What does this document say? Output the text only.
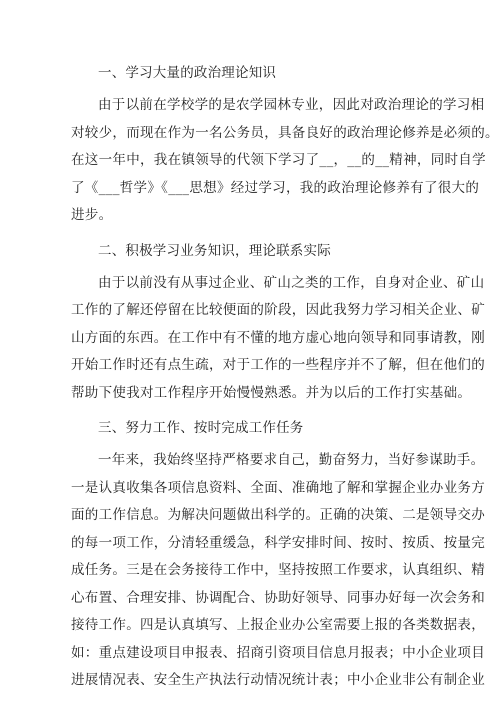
一、学习大量的政治理论知识

由于以前在学校学的是农学园林专业，因此对政治理论的学习相
对较少，而现在作为一名公务员，具备良好的政治理论修养是必须的。
在这一年中，我在镇领导的代领下学习了__，__的__精神，同时自学
了《___哲学》《___思想》经过学习，我的政治理论修养有了很大的
进步。

二、积极学习业务知识，理论联系实际

由于以前没有从事过企业、矿山之类的工作，自身对企业、矿山
工作的了解还停留在比较便面的阶段，因此我努力学习相关企业、矿
山方面的东西。在工作中有不懂的地方虚心地向领导和同事请教，刚
开始工作时还有点生疏，对于工作的一些程序并不了解，但在他们的
帮助下使我对工作程序开始慢慢熟悉。并为以后的工作打实基础。

三、努力工作、按时完成工作任务

一年来，我始终坚持严格要求自己，勤奋努力，当好参谋助手。
一是认真收集各项信息资料、全面、准确地了解和掌握企业办业务方
面的工作信息。为解决问题做出科学的。正确的决策、二是领导交办
的每一项工作，分清轻重缓急，科学安排时间、按时、按质、按量完
成任务。三是在会务接待工作中，坚持按照工作要求，认真组织、精
心布置、合理安排、协调配合、协助好领导、同事办好每一次会务和
接待工作。四是认真填写、上报企业办公室需要上报的各类数据表，
如：重点建设项目申报表、招商引资项目信息月报表；中小企业项目
进展情况表、安全生产执法行动情况统计表；中小企业非公有制企业
